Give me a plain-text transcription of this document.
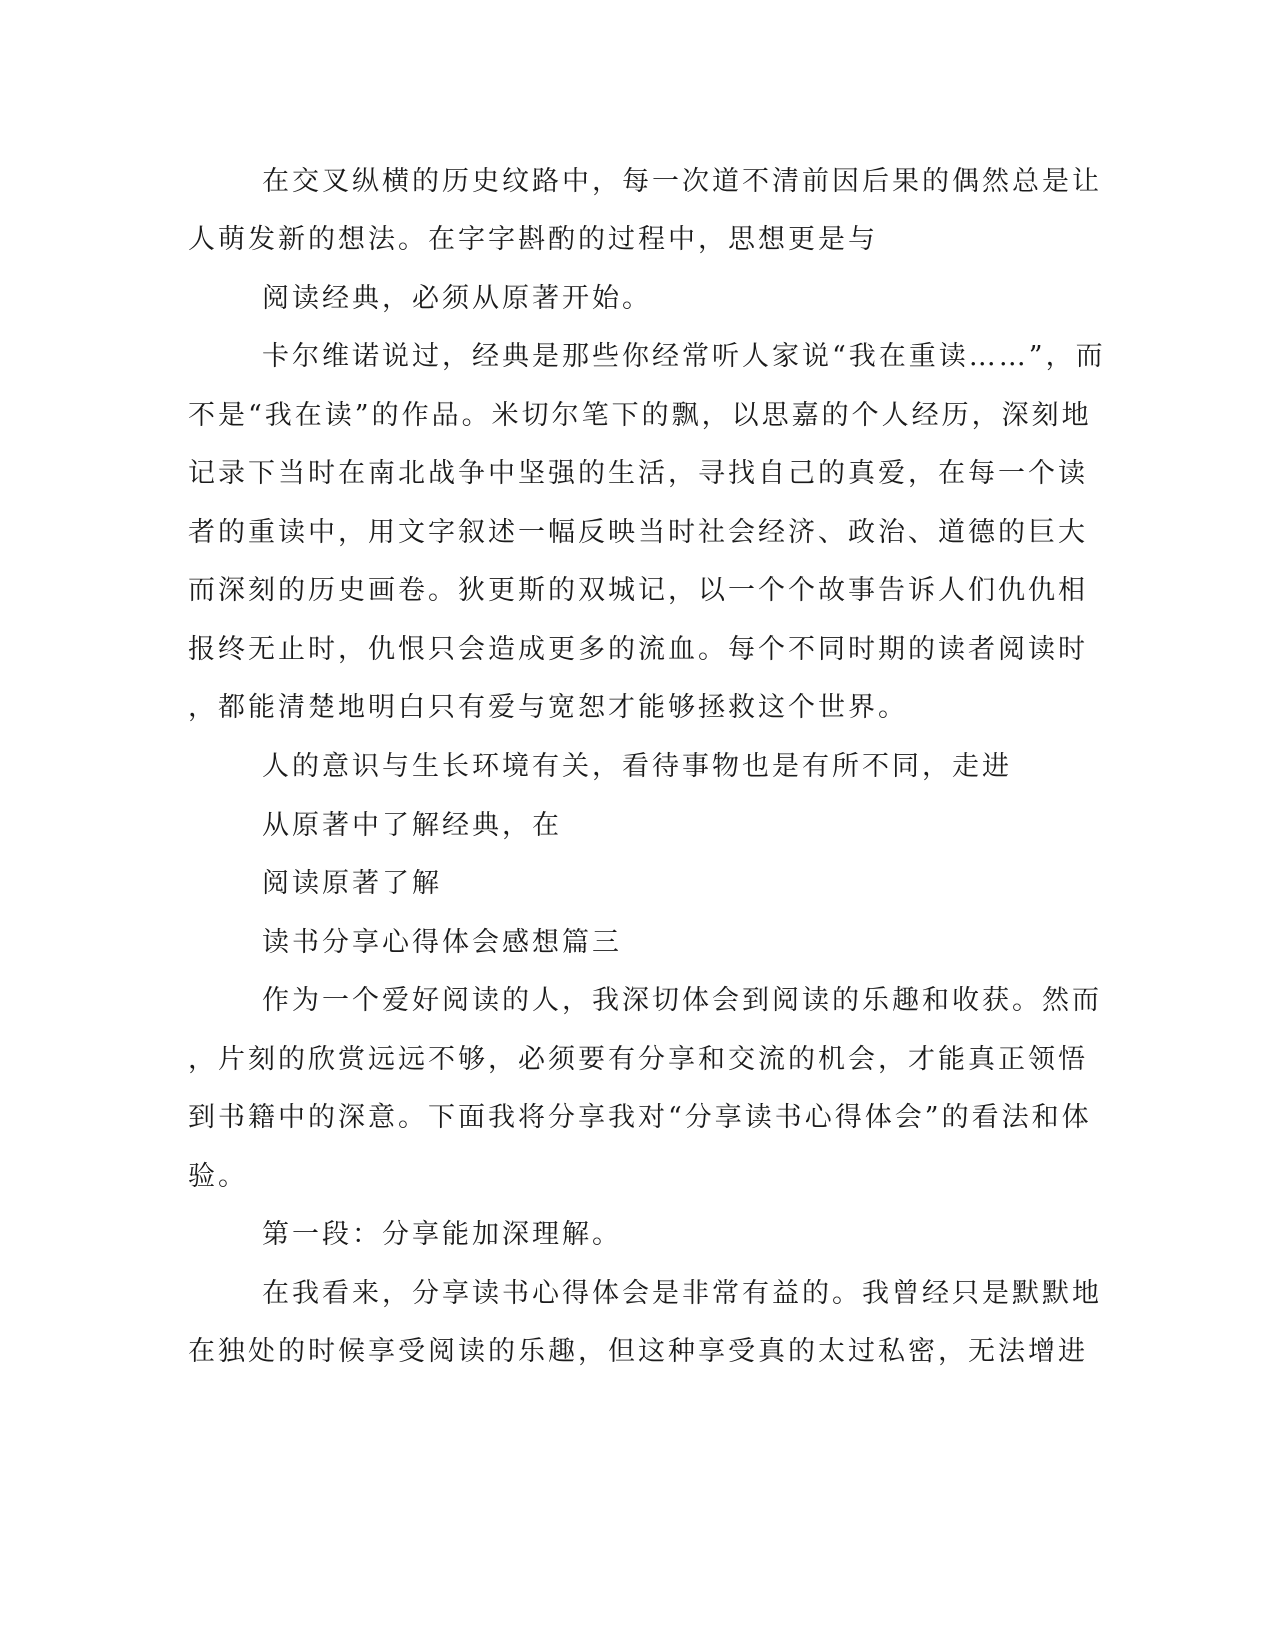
在交叉纵横的历史纹路中，每一次道不清前因后果的偶然总是让

人萌发新的想法。在字字斟酌的过程中，思想更是与

阅读经典，必须从原著开始。

卡尔维诺说过，经典是那些你经常听人家说“我在重读……”，而

不是“我在读”的作品。米切尔笔下的飘，以思嘉的个人经历，深刻地

记录下当时在南北战争中坚强的生活，寻找自己的真爱，在每一个读

者的重读中，用文字叙述一幅反映当时社会经济、政治、道德的巨大

而深刻的历史画卷。狄更斯的双城记，以一个个故事告诉人们仇仇相

报终无止时，仇恨只会造成更多的流血。每个不同时期的读者阅读时

，都能清楚地明白只有爱与宽恕才能够拯救这个世界。

人的意识与生长环境有关，看待事物也是有所不同，走进

从原著中了解经典，在

阅读原著了解

读书分享心得体会感想篇三

作为一个爱好阅读的人，我深切体会到阅读的乐趣和收获。然而

，片刻的欣赏远远不够，必须要有分享和交流的机会，才能真正领悟

到书籍中的深意。下面我将分享我对“分享读书心得体会”的看法和体

验。

第一段：分享能加深理解。

在我看来，分享读书心得体会是非常有益的。我曾经只是默默地

在独处的时候享受阅读的乐趣，但这种享受真的太过私密，无法增进
